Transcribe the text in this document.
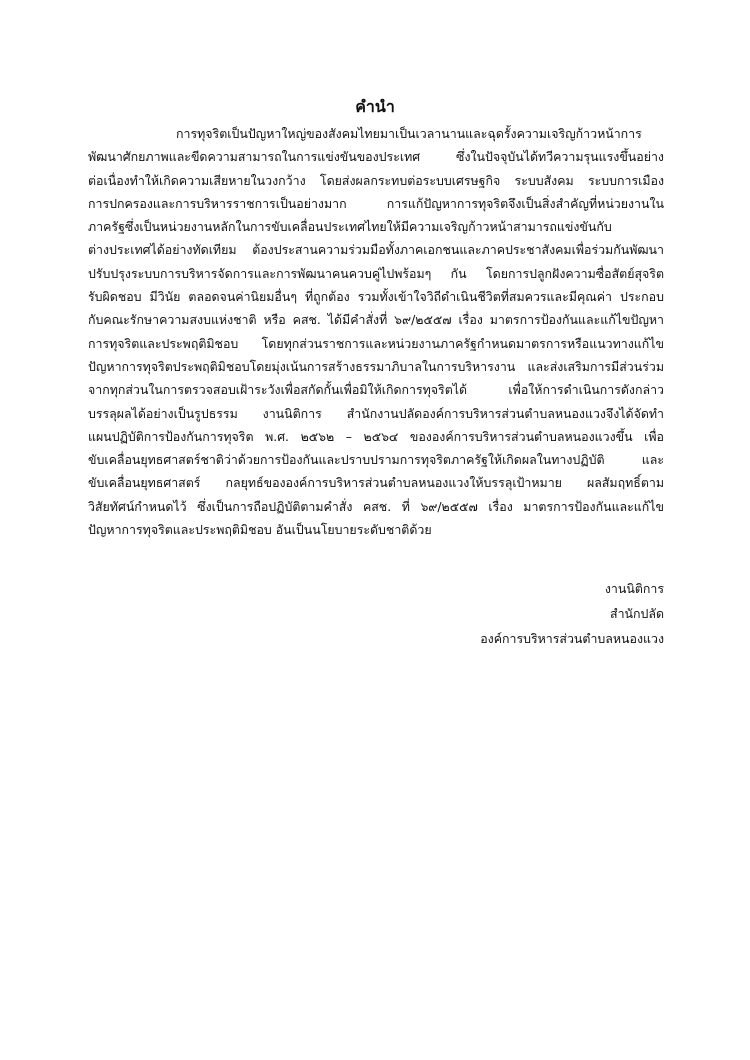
คำนำ
การทุจริตเป็นปัญหาใหญ่ของสังคมไทยมาเป็นเวลานานและฉุดรั้งความเจริญก้าวหน้าการ
พัฒนาศักยภาพและขีดความสามารถในการแข่งขันของประเทศ ซึ่งในปัจจุบันได้ทวีความรุนแรงขึ้นอย่าง
ต่อเนื่องทำให้เกิดความเสียหายในวงกว้าง โดยส่งผลกระทบต่อระบบเศรษฐกิจ ระบบสังคม ระบบการเมือง
การปกครองและการบริหารราชการเป็นอย่างมาก การแก้ปัญหาการทุจริตจึงเป็นสิ่งสำคัญที่หน่วยงานใน
ภาครัฐซึ่งเป็นหน่วยงานหลักในการขับเคลื่อนประเทศไทยให้มีความเจริญก้าวหน้าสามารถแข่งขันกับ
ต่างประเทศได้อย่างทัดเทียม ต้องประสานความร่วมมือทั้งภาคเอกชนและภาคประชาสังคมเพื่อร่วมกันพัฒนา
ปรับปรุงระบบการบริหารจัดการและการพัฒนาคนควบคู่ไปพร้อมๆ กัน โดยการปลูกฝังความซื่อสัตย์สุจริต
รับผิดชอบ มีวินัย ตลอดจนค่านิยมอื่นๆ ที่ถูกต้อง รวมทั้งเข้าใจวิถีดำเนินชีวิตที่สมควรและมีคุณค่า ประกอบ
กับคณะรักษาความสงบแห่งชาติ หรือ คสช. ได้มีคำสั่งที่ ๖๙/๒๕๕๗ เรื่อง มาตรการป้องกันและแก้ไขปัญหา
การทุจริตและประพฤติมิชอบ โดยทุกส่วนราชการและหน่วยงานภาครัฐกำหนดมาตรการหรือแนวทางแก้ไข
ปัญหาการทุจริตประพฤติมิชอบโดยมุ่งเน้นการสร้างธรรมาภิบาลในการบริหารงาน และส่งเสริมการมีส่วนร่วม
จากทุกส่วนในการตรวจสอบเฝ้าระวังเพื่อสกัดกั้นเพื่อมิให้เกิดการทุจริตได้ เพื่อให้การดำเนินการดังกล่าว
บรรลุผลได้อย่างเป็นรูปธรรม งานนิติการ สำนักงานปลัดองค์การบริหารส่วนตำบลหนองแวงจึงได้จัดทำ
แผนปฏิบัติการป้องกันการทุจริต พ.ศ. ๒๕๖๒ – ๒๕๖๔ ขององค์การบริหารส่วนตำบลหนองแวงขึ้น เพื่อ
ขับเคลื่อนยุทธศาสตร์ชาติว่าด้วยการป้องกันและปราบปรามการทุจริตภาครัฐให้เกิดผลในทางปฏิบัติ และ
ขับเคลื่อนยุทธศาสตร์ กลยุทธ์ขององค์การบริหารส่วนตำบลหนองแวงให้บรรลุเป้าหมาย ผลสัมฤทธิ์ตาม
วิสัยทัศน์กำหนดไว้ ซึ่งเป็นการถือปฏิบัติตามคำสั่ง คสช. ที่ ๖๙/๒๕๕๗ เรื่อง มาตรการป้องกันและแก้ไข
ปัญหาการทุจริตและประพฤติมิชอบ อันเป็นนโยบายระดับชาติด้วย
งานนิติการ
สำนักปลัด
องค์การบริหารส่วนตำบลหนองแวง
